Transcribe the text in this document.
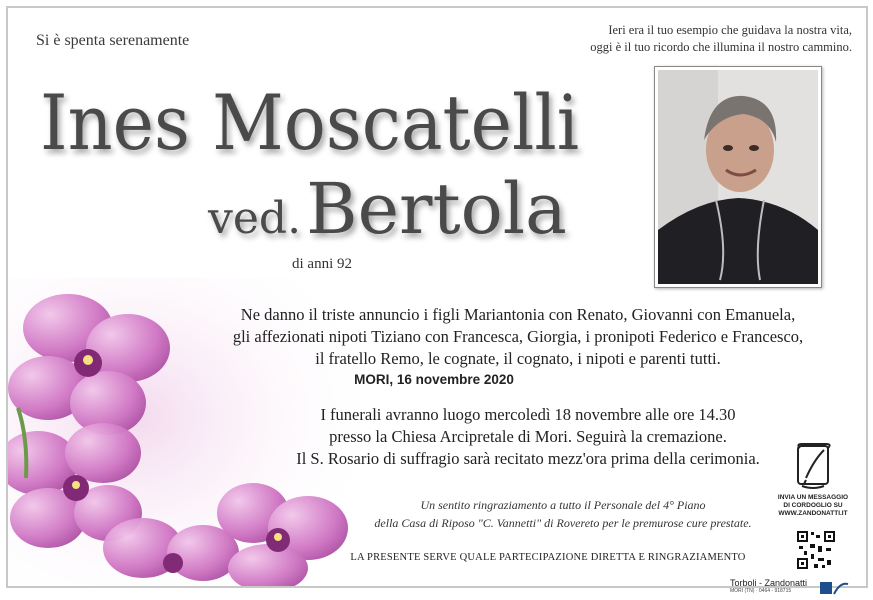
Si è spenta serenamente
Ieri era il tuo esempio che guidava la nostra vita,
oggi è il tuo ricordo che illumina il nostro cammino.
Ines Moscatelli
ved. Bertola
di anni 92
Ne danno il triste annuncio i figli Mariantonia con Renato, Giovanni con Emanuela,
gli affezionati nipoti Tiziano con Francesca, Giorgia, i pronipoti Federico e Francesco,
il fratello Remo, le cognate, il cognato, i nipoti e parenti tutti.
MORI, 16 novembre 2020
I funerali avranno luogo mercoledì 18 novembre alle ore 14.30
presso la Chiesa Arcipretale di Mori. Seguirà la cremazione.
Il S. Rosario di suffragio sarà recitato mezz'ora prima della cerimonia.
Un sentito ringraziamento a tutto il Personale del 4° Piano
della Casa di Riposo "C. Vannetti" di Rovereto per le premurose cure prestate.
LA PRESENTE SERVE QUALE PARTECIPAZIONE DIRETTA E RINGRAZIAMENTO
INVIA UN MESSAGGIO
DI CORDOGLIO SU
WWW.ZANDONATTI.IT
Torboli - Zandonatti
MORI (TN) · 0464 - 918715
